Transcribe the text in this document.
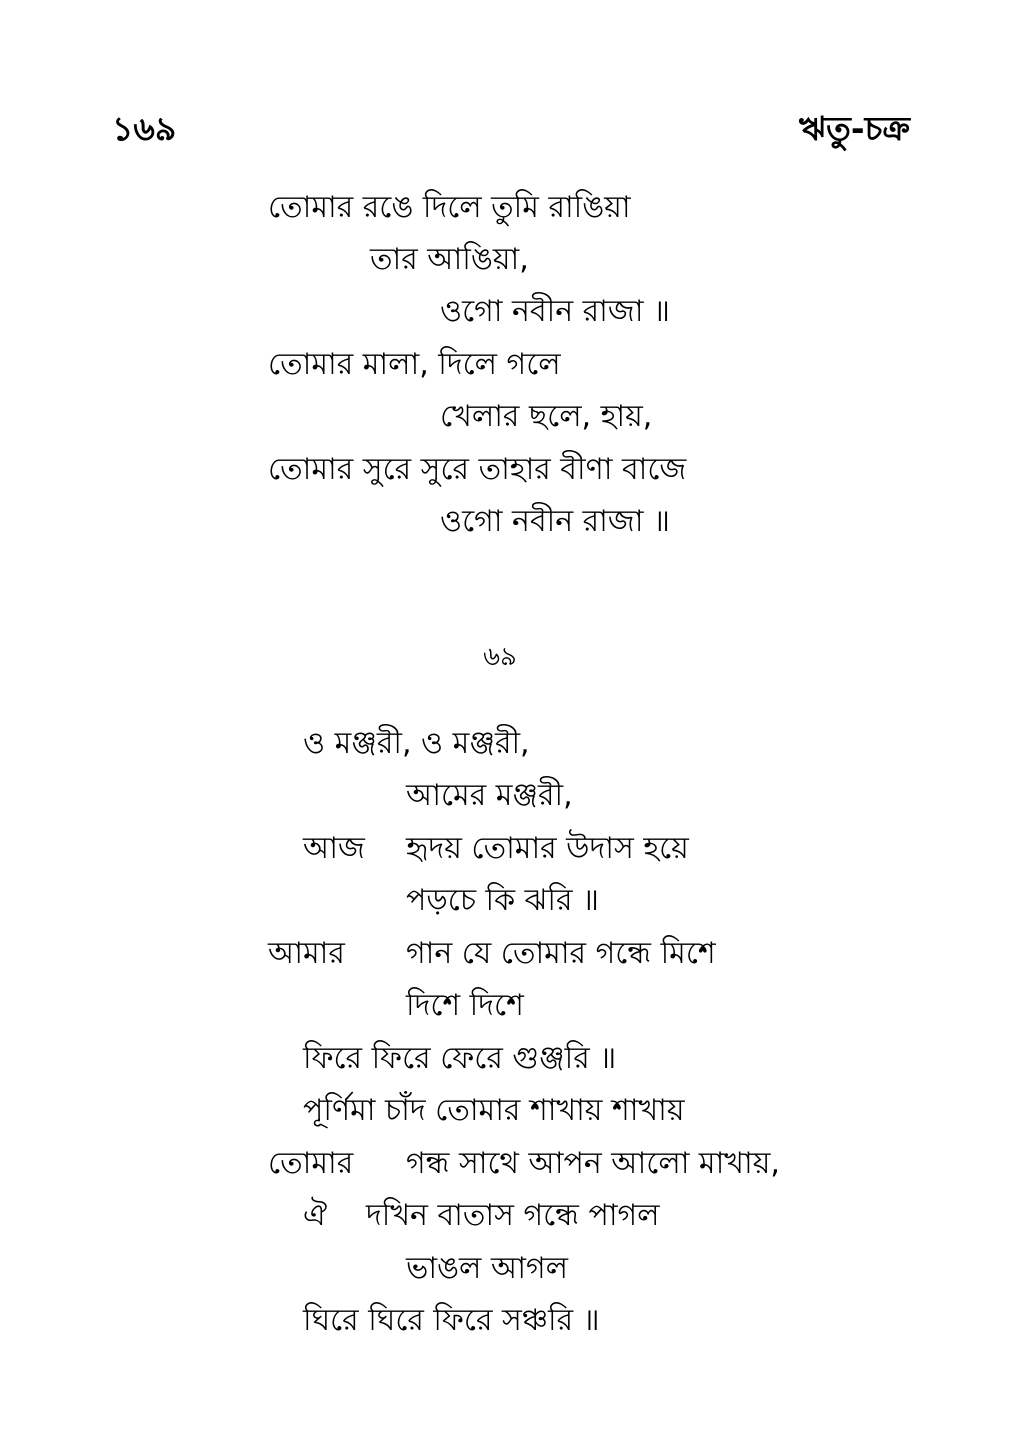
১৬৯	ঋতু-চক্র
তোমার রঙে দিলে তুমি রাঙিয়া
তার আঙিয়া,
ওগো নবীন রাজা ॥
তোমার মালা, দিলে গলে
খেলার ছলে, হায়,
তোমার সুরে সুরে তাহার বীণা বাজে
ওগো নবীন রাজা ॥
৬৯
ও মঞ্জরী, ও মঞ্জরী,
আমের মঞ্জরী,
আজ হৃদয় তোমার উদাস হয়ে
পড়চে কি ঝরি ॥
আমার গান যে তোমার গন্ধে মিশে
দিশে দিশে
ফিরে ফিরে ফেরে গুঞ্জরি ॥
পূর্ণিমা চাঁদ তোমার শাখায় শাখায়
তোমার গন্ধ সাথে আপন আলো মাখায়,
ঐ দখিন বাতাস গন্ধে পাগল
ভাঙল আগল
ঘিরে ঘিরে ফিরে সঞ্চরি ॥
